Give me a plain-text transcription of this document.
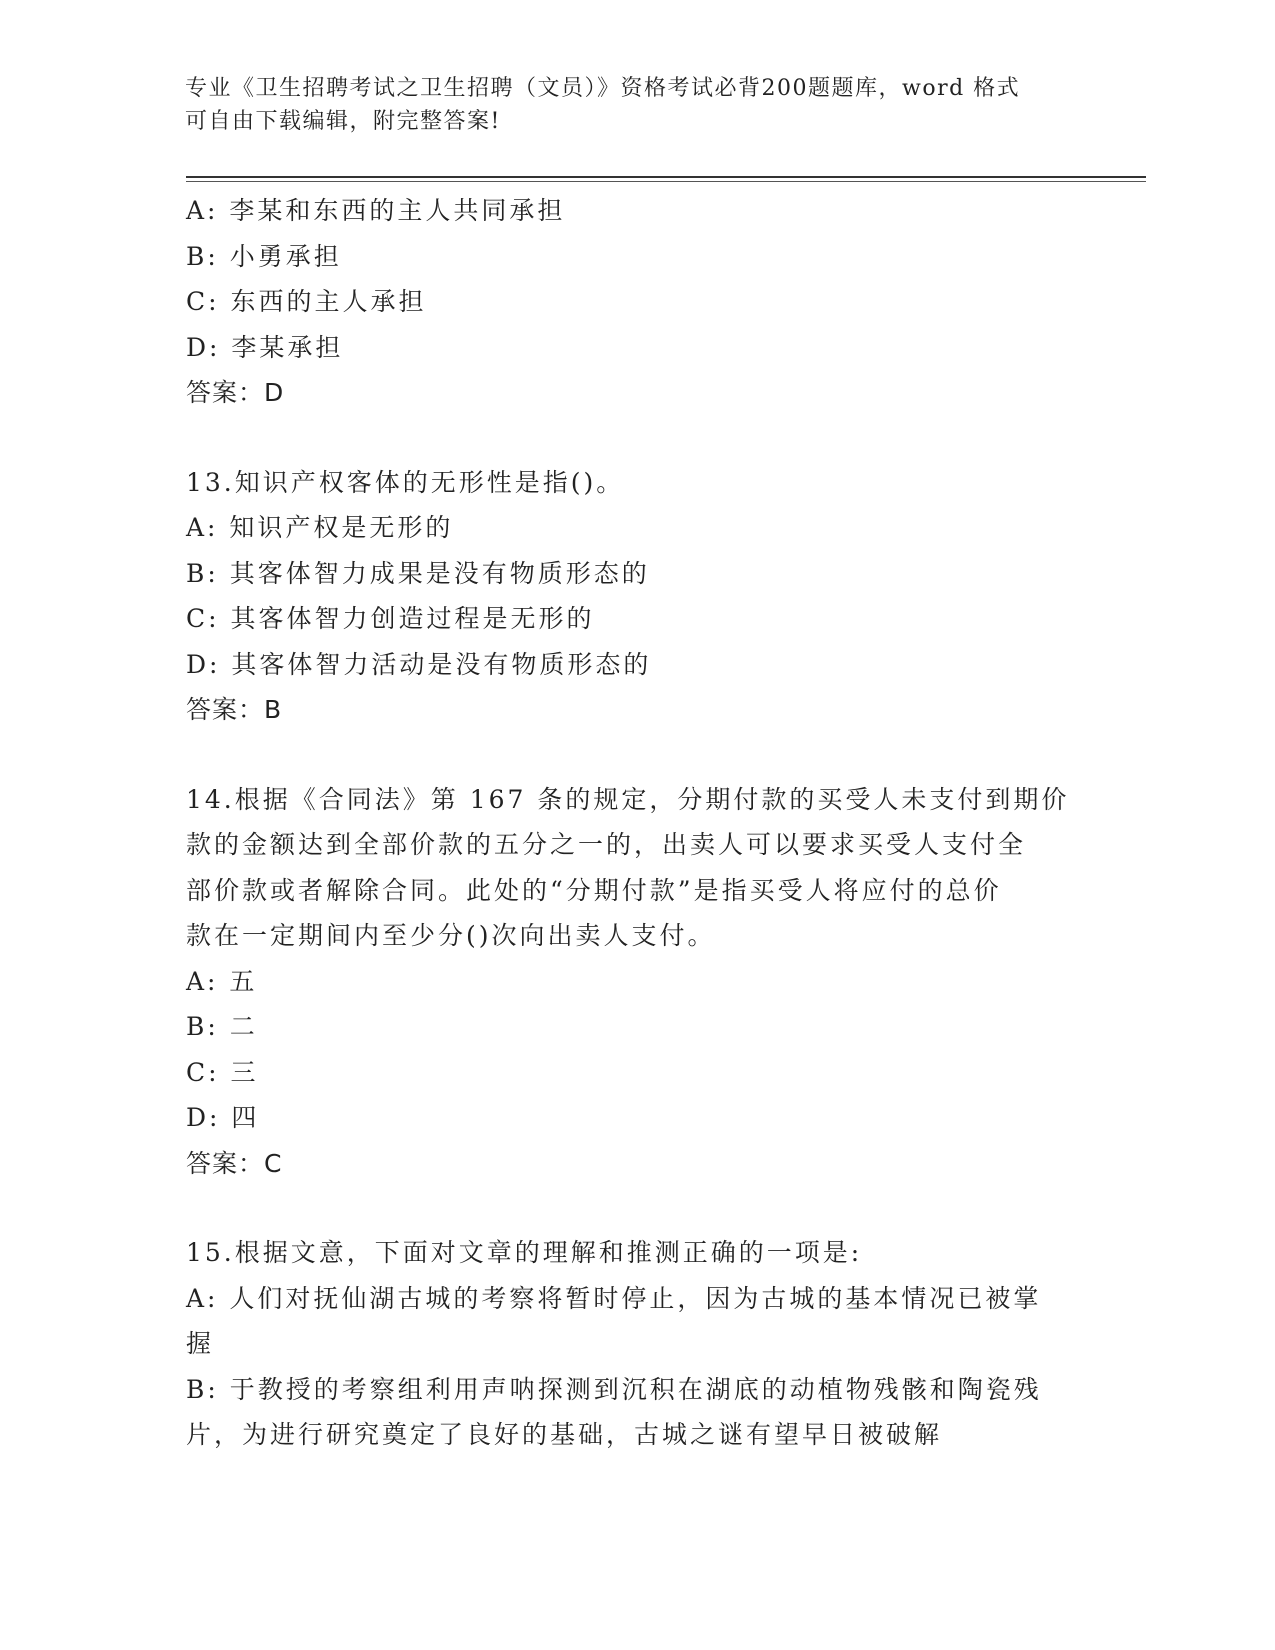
专业《卫生招聘考试之卫生招聘（文员）》资格考试必背200题题库，word 格式
可自由下载编辑，附完整答案!
A: 李某和东西的主人共同承担
B: 小勇承担
C: 东西的主人承担
D: 李某承担
答案：D
13.知识产权客体的无形性是指()。
A: 知识产权是无形的
B: 其客体智力成果是没有物质形态的
C: 其客体智力创造过程是无形的
D: 其客体智力活动是没有物质形态的
答案：B
14.根据《合同法》第 167 条的规定，分期付款的买受人未支付到期价
款的金额达到全部价款的五分之一的，出卖人可以要求买受人支付全
部价款或者解除合同。此处的“分期付款”是指买受人将应付的总价
款在一定期间内至少分()次向出卖人支付。
A: 五
B: 二
C: 三
D: 四
答案：C
15.根据文意，下面对文章的理解和推测正确的一项是:
A: 人们对抚仙湖古城的考察将暂时停止，因为古城的基本情况已被掌
握
B: 于教授的考察组利用声呐探测到沉积在湖底的动植物残骸和陶瓷残
片，为进行研究奠定了良好的基础，古城之谜有望早日被破解
